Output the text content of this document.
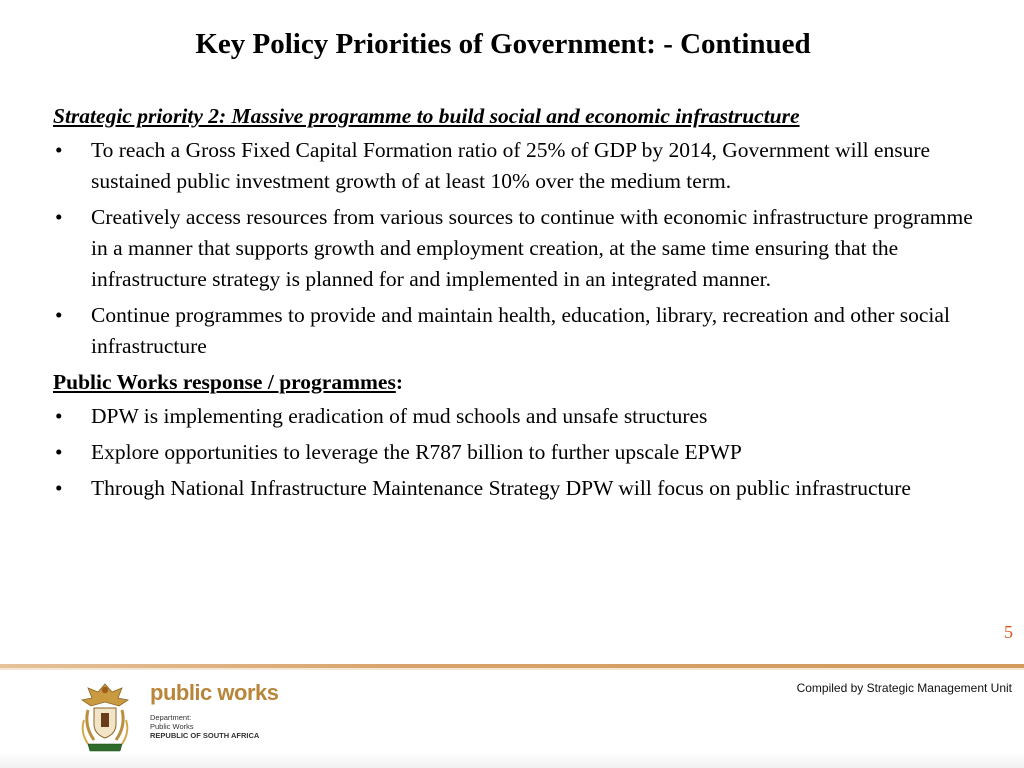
Key Policy Priorities of Government: - Continued
Strategic priority 2: Massive programme to build social and economic infrastructure
• To reach a Gross Fixed Capital Formation ratio of 25% of GDP by 2014, Government will ensure sustained public investment growth of at least 10% over the medium term.
• Creatively access resources from various sources to continue with economic infrastructure programme in a manner that supports growth and employment creation, at the same time ensuring that the infrastructure strategy is planned for and implemented in an integrated manner.
• Continue programmes to provide and maintain health, education, library, recreation and other social infrastructure
Public Works response / programmes:
• DPW is implementing eradication of mud schools and unsafe structures
• Explore opportunities to leverage the R787 billion to further upscale EPWP
• Through National Infrastructure Maintenance Strategy DPW will focus on public infrastructure
5
public works
Department:
Public Works
REPUBLIC OF SOUTH AFRICA
Compiled by Strategic Management Unit
